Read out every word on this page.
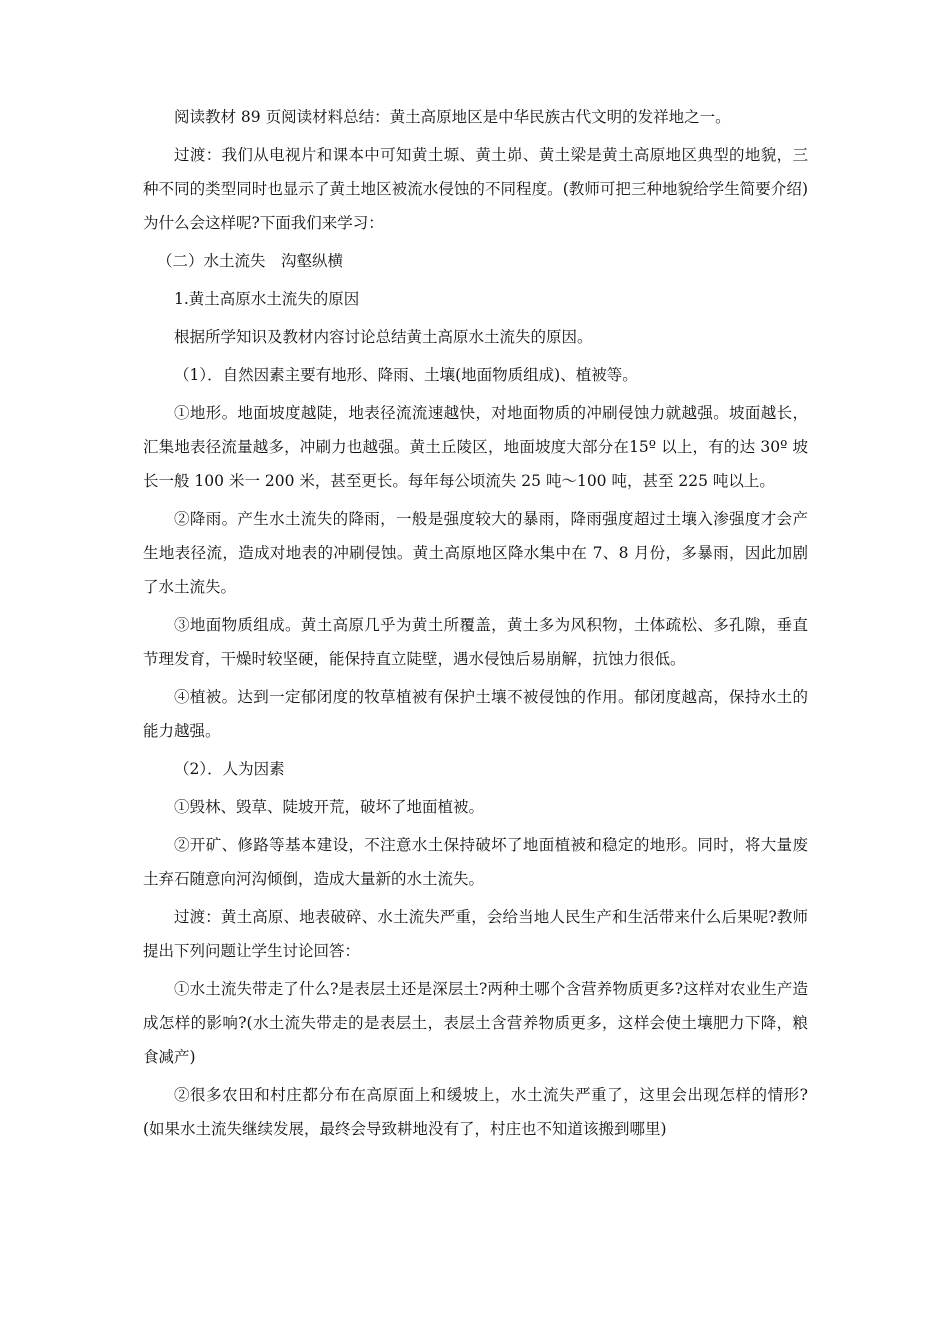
阅读教材 89 页阅读材料总结：黄土高原地区是中华民族古代文明的发祥地之一。

过渡：我们从电视片和课本中可知黄土塬、黄土峁、黄土梁是黄土高原地区典型的地貌，三种不同的类型同时也显示了黄土地区被流水侵蚀的不同程度。(教师可把三种地貌给学生简要介绍)为什么会这样呢?下面我们来学习：

（二）水土流失　沟壑纵横

1.黄土高原水土流失的原因

根据所学知识及教材内容讨论总结黄土高原水土流失的原因。

（1）．自然因素主要有地形、降雨、土壤(地面物质组成)、植被等。

①地形。地面坡度越陡，地表径流流速越快，对地面物质的冲刷侵蚀力就越强。坡面越长，汇集地表径流量越多，冲刷力也越强。黄土丘陵区，地面坡度大部分在15º 以上，有的达 30º 坡长一般 100 米一 200 米，甚至更长。每年每公顷流失 25 吨～100 吨，甚至 225 吨以上。

②降雨。产生水土流失的降雨，一般是强度较大的暴雨，降雨强度超过土壤入渗强度才会产生地表径流，造成对地表的冲刷侵蚀。黄土高原地区降水集中在 7、8 月份，多暴雨，因此加剧了水土流失。

③地面物质组成。黄土高原几乎为黄土所覆盖，黄土多为风积物，土体疏松、多孔隙，垂直节理发育，干燥时较坚硬，能保持直立陡壁，遇水侵蚀后易崩解，抗蚀力很低。

④植被。达到一定郁闭度的牧草植被有保护土壤不被侵蚀的作用。郁闭度越高，保持水土的能力越强。

（2）．人为因素

①毁林、毁草、陡坡开荒，破坏了地面植被。

②开矿、修路等基本建设，不注意水土保持破坏了地面植被和稳定的地形。同时，将大量废土弃石随意向河沟倾倒，造成大量新的水土流失。

过渡：黄土高原、地表破碎、水土流失严重，会给当地人民生产和生活带来什么后果呢?教师提出下列问题让学生讨论回答：

①水土流失带走了什么?是表层土还是深层土?两种土哪个含营养物质更多?这样对农业生产造成怎样的影响?(水土流失带走的是表层土，表层土含营养物质更多，这样会使土壤肥力下降，粮食减产)

②很多农田和村庄都分布在高原面上和缓坡上，水土流失严重了，这里会出现怎样的情形?(如果水土流失继续发展，最终会导致耕地没有了，村庄也不知道该搬到哪里)
